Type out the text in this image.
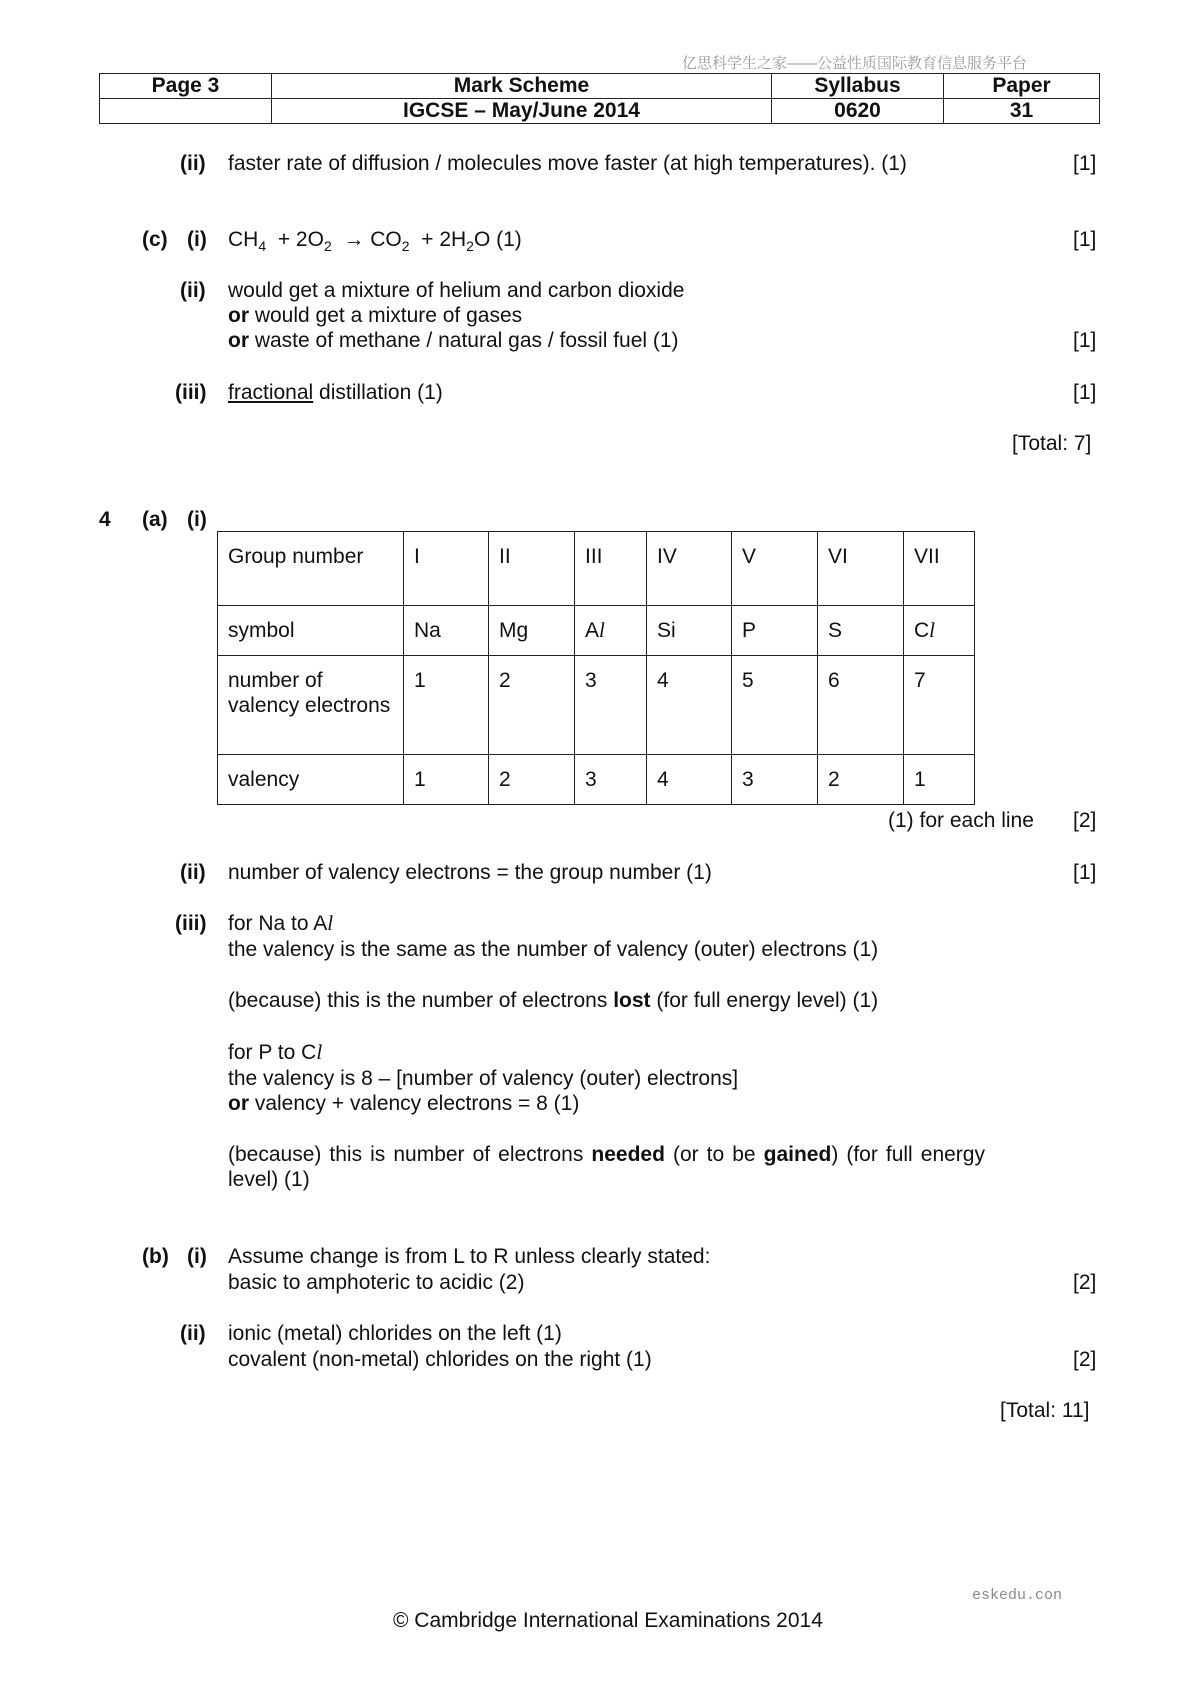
亿思科学生之家——公益性质国际教育信息服务平台
Page 3	Mark Scheme	Syllabus	Paper
	IGCSE – May/June 2014	0620	31
(ii) faster rate of diffusion / molecules move faster (at high temperatures). (1)	[1]
(c) (i) $CH_4 + 2O_2 \to CO_2 + 2H_2O$ (1)	[1]
(ii) would get a mixture of helium and carbon dioxide
or would get a mixture of gases
or waste of methane / natural gas / fossil fuel (1)	[1]
(iii) fractional distillation (1)	[1]
[Total: 7]
4 (a) (i)
Group number	I	II	III	IV	V	VI	VII
symbol	Na	Mg	Al	Si	P	S	Cl
number of valency electrons	1	2	3	4	5	6	7
valency	1	2	3	4	3	2	1
(1) for each line [2]
(ii) number of valency electrons = the group number (1)	[1]
(iii) for Na to Al
the valency is the same as the number of valency (outer) electrons (1)
(because) this is the number of electrons lost (for full energy level) (1)
for P to Cl
the valency is 8 – [number of valency (outer) electrons]
or valency + valency electrons = 8 (1)
(because) this is number of electrons needed (or to be gained) (for full energy level) (1)
(b) (i) Assume change is from L to R unless clearly stated:
basic to amphoteric to acidic (2)	[2]
(ii) ionic (metal) chlorides on the left (1)
covalent (non-metal) chlorides on the right (1)	[2]
[Total: 11]
eskedu.con
© Cambridge International Examinations 2014
